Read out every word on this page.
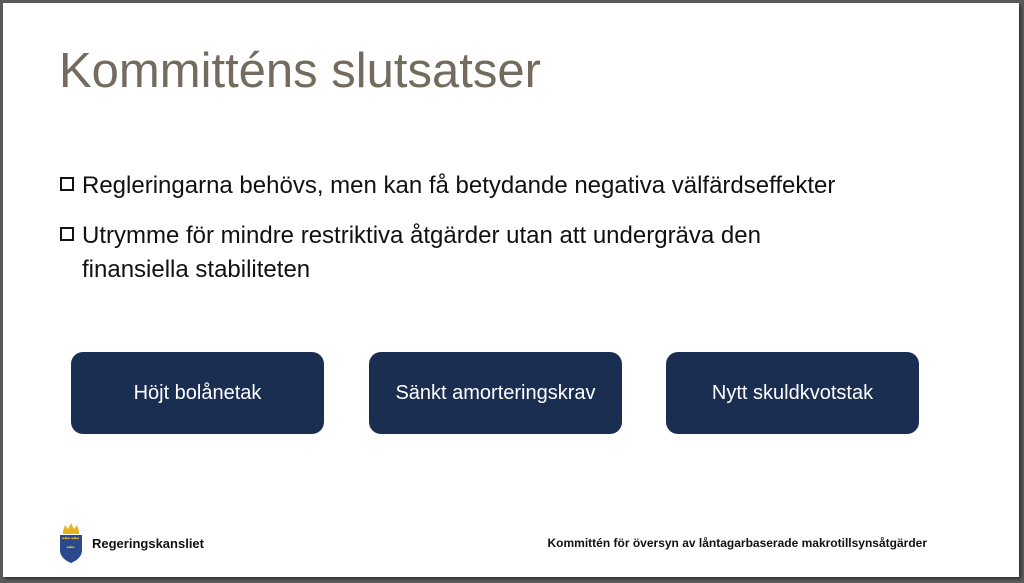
Kommitténs slutsatser
Regleringarna behövs, men kan få betydande negativa välfärdseffekter
Utrymme för mindre restriktiva åtgärder utan att undergräva den finansiella stabiliteten
Höjt bolånetak	Sänkt amorteringskrav	Nytt skuldkvotstak
Regeringskansliet	Kommittén för översyn av låntagarbaserade makrotillsynsåtgärder
